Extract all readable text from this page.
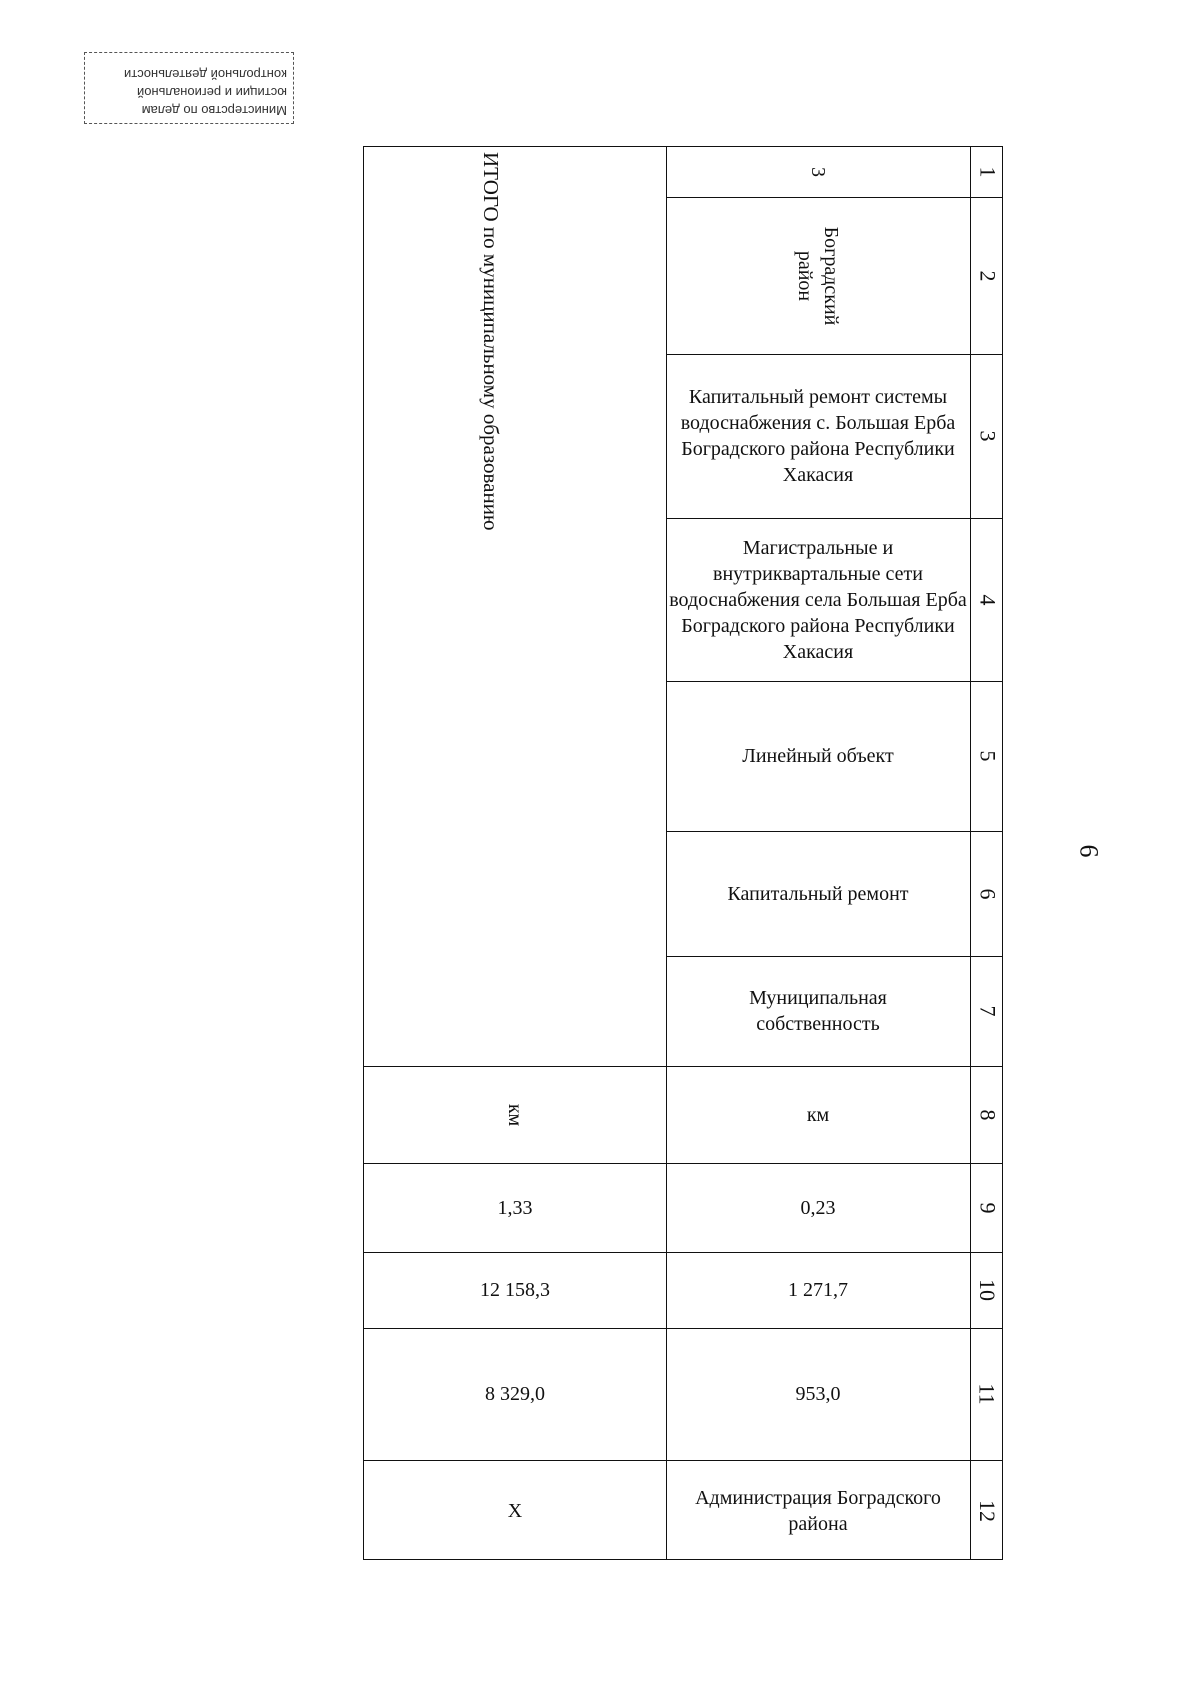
Министерство по делам
юстиции и региональной
контрольной деятельности
6
1
2
3
4
5
6
7
8
9
10
11
12
3
Боградский район
Капитальный ремонт системы водоснабжения с. Большая Ерба Боградского района Республики Хакасия
Магистральные и внутриквартальные сети водоснабжения села Большая Ерба Боградского района Республики Хакасия
Линейный объект
Капитальный ремонт
Муниципальная собственность
км
0,23
1 271,7
953,0
Администрация Боградского района
км
1,33
12 158,3
8 329,0
Х
ИТОГО по муниципальному образованию
